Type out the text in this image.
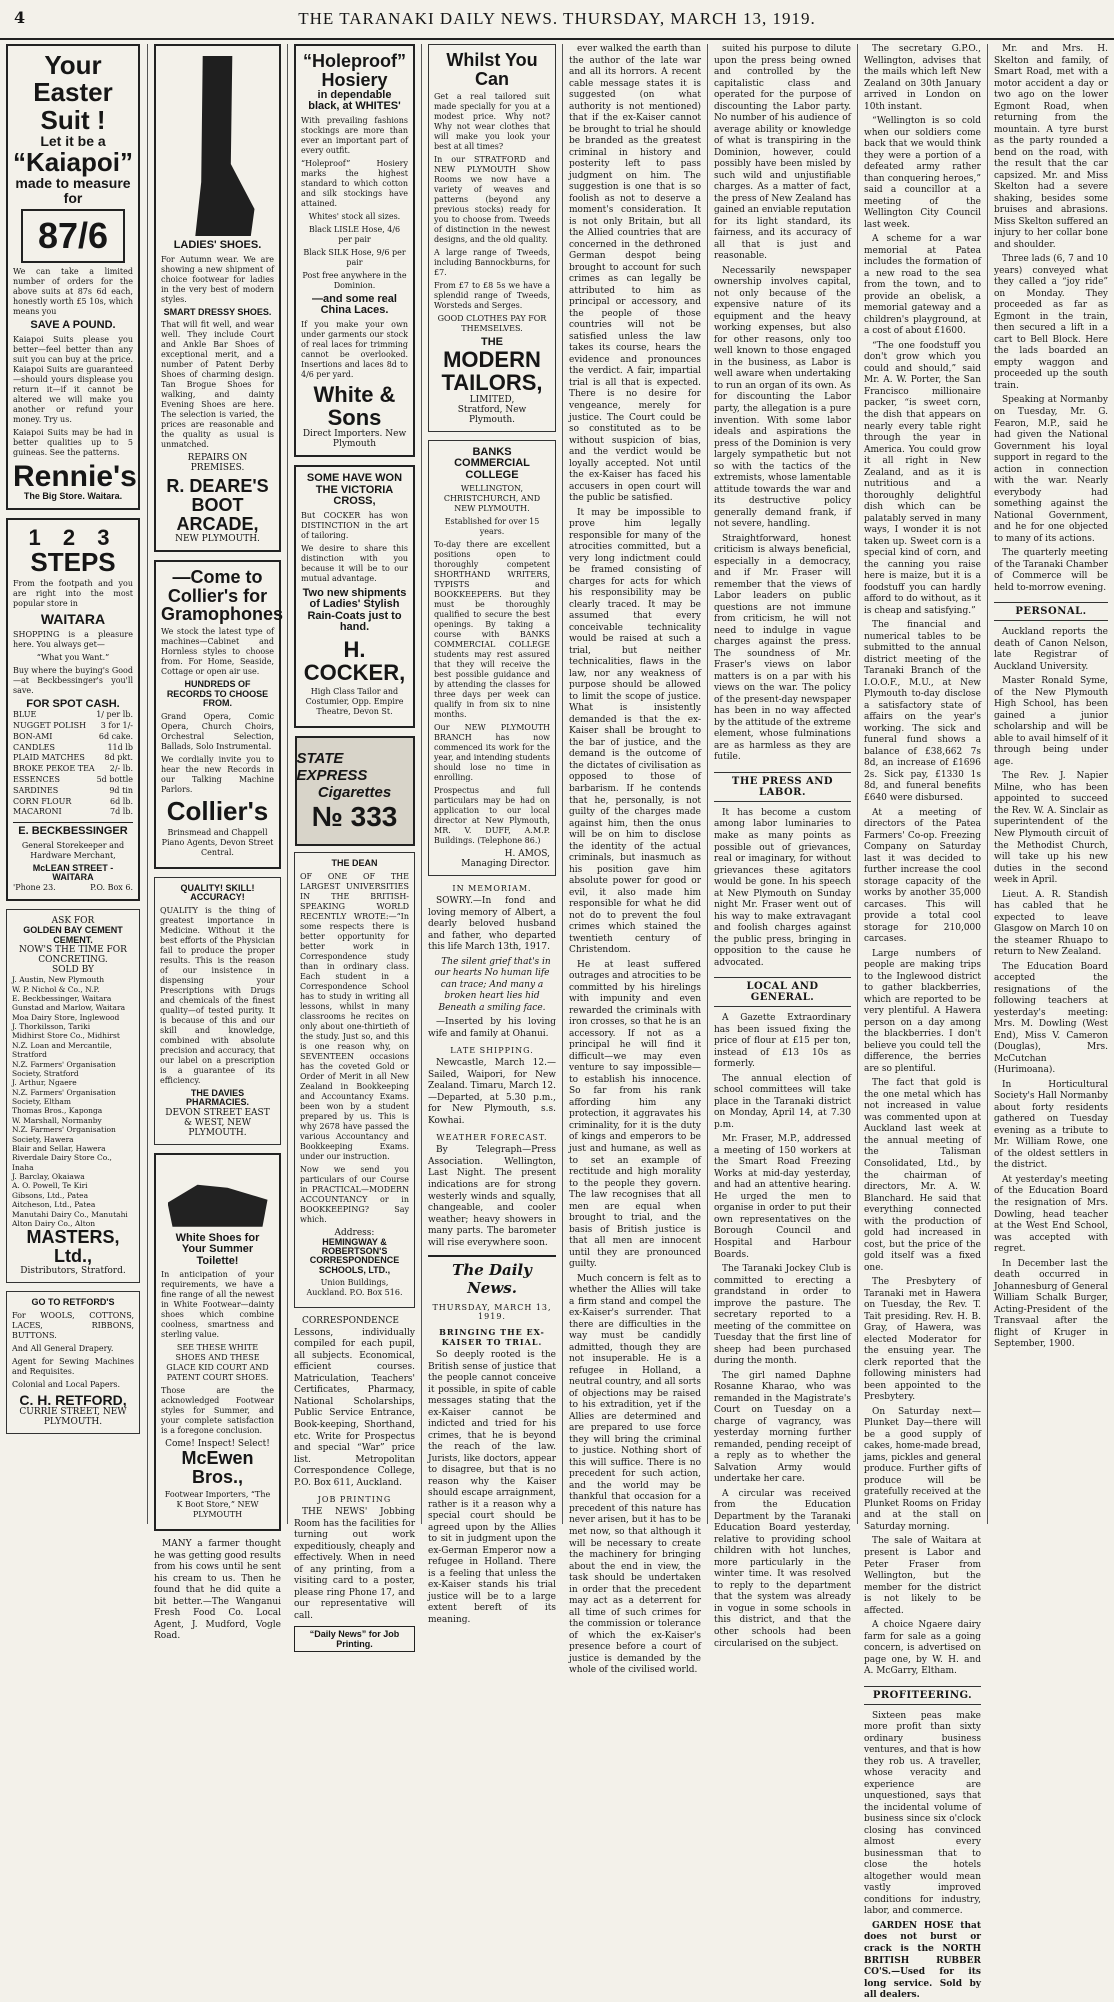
4	THE TARANAKI DAILY NEWS. THURSDAY, MARCH 13, 1919.
Your Easter Suit !
Let it be a
“Kaiapoi”
made to measure
for
87/6

We can take a limited number of orders for the above suits at 87s 6d each, honestly worth £5 10s, which means you

SAVE A POUND.

Kaiapoi Suits please you better—feel better than any suit you can buy at the price. Kaiapoi Suits are guaranteed—should yours displease you return it—if it cannot be altered we will make you another or refund your money. Try us.

Kaiapoi Suits may be had in better qualities up to 5 guineas. See the patterns.

Rennie's
The Big Store. Waitara.
1 2 3
STEPS

From the footpath and you are right into the most popular store in

WAITARA

SHOPPING is a pleasure here. You always get—

“What you Want.”

Buy where the buying's Good—at Beckbessinger's you'll save.

FOR SPOT CASH.
BLUE	1/ per lb.
NUGGET POLISH 3 for 1/-
BON-AMI	6d cake.
CANDLES	11d lb
PLAID MATCHES 8d pkt.
BROKE PEKOE TEA 2/- lb.
ESSENCES	5d bottle
SARDINES	9d tin
CORN FLOUR	6d lb.
MACARONI	7d lb.
E. BECKBESSINGER

General Storekeeper and Hardware Merchant,

McLEAN STREET - WAITARA
'Phone 23.	P.O. Box 6.
ASK FOR
GOLDEN BAY CEMENT
CEMENT.
NOW'S THE TIME FOR CONCRETING.
SOLD BY
J. Austin, New Plymouth
W. P. Nichol & Co., N.P.
E. Beckbessinger, Waitara
Gunstad and Marlow, Waitara
Moa Dairy Store, Inglewood
J. Thorkilsson, Tariki
Midhirst Store Co., Midhirst
N.Z. Loan and Mercantile, Stratford
N.Z. Farmers' Organisation Society, Stratford
J. Arthur, Ngaere
N.Z. Farmers' Organisation Society, Eltham
Thomas Bros., Kaponga
W. Marshall, Normanby
N.Z. Farmers' Organisation Society, Hawera
Blair and Sellar, Hawera
Riverdale Dairy Store Co., Inaha
J. Barclay, Okaiawa
A. O. Powell, Te Kiri
Gibsons, Ltd., Patea
Aitcheson, Ltd., Patea
Manutahi Dairy Co., Manutahi
Alton Dairy Co., Alton
MASTERS, Ltd.,
Distributors, Stratford.
GO TO RETFORD'S

For WOOLS, COTTONS, LACES, RIBBONS, BUTTONS.

And All General Drapery.

Agent for Sewing Machines and Requisites.

Colonial and Local Papers.

C. H. RETFORD,
CURRIE STREET, NEW PLYMOUTH.
LADIES' SHOES.

For Autumn wear. We are showing a new shipment of choice footwear for ladies in the very best of modern styles.

SMART DRESSY SHOES.

That will fit well, and wear well. They include Court and Ankle Bar Shoes of exceptional merit, and a number of Patent Derby Shoes of charming design. Tan Brogue Shoes for walking, and dainty Evening Shoes are here. The selection is varied, the prices are reasonable and the quality as usual is unmatched.

REPAIRS ON PREMISES.
R. DEARE'S BOOT ARCADE,
NEW PLYMOUTH.
—Come to
Collier's for
Gramophones

We stock the latest type of machines—Cabinet and Hornless styles to choose from. For Home, Seaside, Cottage or open air use.

HUNDREDS OF RECORDS TO CHOOSE FROM.

Grand Opera, Comic Opera, Church Choirs, Orchestral Selection, Ballads, Solo Instrumental.

We cordially invite you to hear the new Records in our Talking Machine Parlors.

Collier's

Brinsmead and Chappell Piano Agents, Devon Street Central.

QUALITY! SKILL! ACCURACY!

QUALITY is the thing of greatest importance in Medicine. Without it the best efforts of the Physician fail to produce the proper results. This is the reason of our insistence in dispensing your Prescriptions with Drugs and chemicals of the finest quality—of tested purity. It is because of this and our skill and knowledge, combined with absolute precision and accuracy, that our label on a prescription is a guarantee of its efficiency.

THE DAVIES PHARMACIES.
DEVON STREET EAST & WEST, NEW PLYMOUTH.
White Shoes for
Your Summer
Toilette!

In anticipation of your requirements, we have a fine range of all the newest in White Footwear—dainty shoes which combine coolness, smartness and sterling value.

SEE THESE WHITE SHOES AND THESE GLACE KID COURT AND PATENT COURT SHOES.

Those are the acknowledged Footwear styles for Summer, and your complete satisfaction is a foregone conclusion.

Come! Inspect! Select!
McEwen Bros.,

Footwear Importers, “The K Boot Store,” NEW PLYMOUTH

MANY a farmer thought he was getting good results from his cows until he sent his cream to us. Then he found that he did quite a bit better.—The Wanganui Fresh Food Co. Local Agent, J. Mudford, Vogle Road.

“Holeproof”
Hosiery
in dependable black, at WHITES'

With prevailing fashions stockings are more than ever an important part of every outfit.

“Holeproof” Hosiery marks the highest standard to which cotton and silk stockings have attained.

Whites' stock all sizes.

Black LISLE Hose, 4/6 per pair

Black SILK Hose, 9/6 per pair

Post free anywhere in the Dominion.

—and some real China Laces.

If you make your own under garments our stock of real laces for trimming cannot be overlooked. Insertions and laces 8d to 4/6 per yard.

White & Sons
Direct Importers. New Plymouth
SOME HAVE WON THE VICTORIA CROSS,

But COCKER has won DISTINCTION in the art of tailoring.

We desire to share this distinction with you because it will be to our mutual advantage.

Two new shipments of Ladies' Stylish Rain-Coats just to hand.
H. COCKER,

High Class Tailor and Costumier, Opp. Empire Theatre, Devon St.

STATE EXPRESS
Cigarettes
№ 333
THE DEAN

OF ONE OF THE LARGEST UNIVERSITIES IN THE BRITISH-SPEAKING WORLD RECENTLY WROTE:—“In some respects there is better opportunity for better work in Correspondence study than in ordinary class. Each student in a Correspondence School has to study in writing all lessons, whilst in many classrooms he recites on only about one-thirtieth of the study. Just so, and this is one reason why, on SEVENTEEN occasions has the coveted Gold or Order of Merit in all New Zealand in Bookkeeping and Accountancy Exams. been won by a student prepared by us. This is why 2678 have passed the various Accountancy and Bookkeeping Exams. under our instruction.

Now we send you particulars of our Course in PRACTICAL—MODERN ACCOUNTANCY or in BOOKKEEPING? Say which.

Address:
HEMINGWAY & ROBERTSON'S CORRESPONDENCE SCHOOLS, LTD.,

Union Buildings, Auckland. P.O. Box 516.

CORRESPONDENCE Lessons, individually compiled for each pupil, all subjects. Economical, efficient courses. Matriculation, Teachers' Certificates, Pharmacy, National Scholarships, Public Service Entrance, Book-keeping, Shorthand, etc. Write for Prospectus and special “War” price list. Metropolitan Correspondence College, P.O. Box 611, Auckland.

JOB PRINTING

THE NEWS' Jobbing Room has the facilities for turning out work expeditiously, cheaply and effectively. When in need of any printing, from a visiting card to a poster, please ring Phone 17, and our representative will call.

“Daily News” for Job Printing.
Whilst You Can

Get a real tailored suit made specially for you at a modest price. Why not? Why not wear clothes that will make you look your best at all times?

In our STRATFORD and NEW PLYMOUTH Show Rooms we now have a variety of weaves and patterns (beyond any previous stocks) ready for you to choose from. Tweeds of distinction in the newest designs, and the old quality.

A large range of Tweeds, including Bannockburns, for £7.

From £7 to £8 5s we have a splendid range of Tweeds, Worsteds and Serges.

GOOD CLOTHES PAY FOR THEMSELVES.

THE
MODERN TAILORS,
LIMITED,
Stratford, New Plymouth.
BANKS COMMERCIAL COLLEGE

WELLINGTON, CHRISTCHURCH, AND NEW PLYMOUTH.

Established for over 15 years.

To-day there are excellent positions open to thoroughly competent SHORTHAND WRITERS, TYPISTS and BOOKKEEPERS. But they must be thoroughly qualified to secure the best openings. By taking a course with BANKS COMMERCIAL COLLEGE students may rest assured that they will receive the best possible guidance and by attending the classes for three days per week can qualify in from six to nine months.

Our NEW PLYMOUTH BRANCH has now commenced its work for the year, and intending students should lose no time in enrolling.

Prospectus and full particulars may be had on application to our local director at New Plymouth, MR. V. DUFF, A.M.P. Buildings. (Telephone 86.)

H. AMOS,
Managing Director.
IN MEMORIAM.

SOWRY.—In fond and loving memory of Albert, a dearly beloved husband and father, who departed this life March 13th, 1917.

The silent grief that's in our hearts No human life can trace; And many a broken heart lies hid Beneath a smiling face.

—Inserted by his loving wife and family at Ohanui.

LATE SHIPPING.

Newcastle, March 12.—Sailed, Waipori, for New Zealand. Timaru, March 12.—Departed, at 5.30 p.m., for New Plymouth, s.s. Kowhai.

WEATHER FORECAST.

By Telegraph—Press Association. Wellington, Last Night. The present indications are for strong westerly winds and squally, changeable, and cooler weather; heavy showers in many parts. The barometer will rise everywhere soon.

The Daily News.
THURSDAY, MARCH 13, 1919.
BRINGING THE EX-KAISER TO TRIAL.

So deeply rooted is the British sense of justice that the people cannot conceive it possible, in spite of cable messages stating that the ex-Kaiser cannot be indicted and tried for his crimes, that he is beyond the reach of the law. Jurists, like doctors, appear to disagree, but that is no reason why the Kaiser should escape arraignment, rather is it a reason why a special court should be agreed upon by the Allies to sit in judgment upon the ex-German Emperor now a refugee in Holland. There is a feeling that unless the ex-Kaiser stands his trial justice will be to a large extent bereft of its meaning.

ever walked the earth than the author of the late war and all its horrors. A recent cable message states it is suggested (on what authority is not mentioned) that if the ex-Kaiser cannot be brought to trial he should be branded as the greatest criminal in history and posterity left to pass judgment on him. The suggestion is one that is so foolish as not to deserve a moment's consideration. It is not only Britain, but all the Allied countries that are concerned in the dethroned German despot being brought to account for such crimes as can legally be attributed to him as principal or accessory, and the people of those countries will not be satisfied unless the law takes its course, hears the evidence and pronounces the verdict. A fair, impartial trial is all that is expected. There is no desire for vengeance, merely for justice. The Court could be so constituted as to be without suspicion of bias, and the verdict would be loyally accepted. Not until the ex-Kaiser has faced his accusers in open court will the public be satisfied.

It may be impossible to prove him legally responsible for many of the atrocities committed, but a very long indictment could be framed consisting of charges for acts for which his responsibility may be clearly traced. It may be assumed that every conceivable technicality would be raised at such a trial, but neither technicalities, flaws in the law, nor any weakness of purpose should be allowed to limit the scope of justice. What is insistently demanded is that the ex-Kaiser shall be brought to the bar of justice, and the demand is the outcome of the dictates of civilisation as opposed to those of barbarism. If he contends that he, personally, is not guilty of the charges made against him, then the onus will be on him to disclose the identity of the actual criminals, but inasmuch as his position gave him absolute power for good or evil, it also made him responsible for what he did not do to prevent the foul crimes which stained the twentieth century of Christendom.

He at least suffered outrages and atrocities to be committed by his hirelings with impunity and even rewarded the criminals with iron crosses, so that he is an accessory. If not as a principal he will find it difficult—we may even venture to say impossible—to establish his innocence. So far from his rank affording him any protection, it aggravates his criminality, for it is the duty of kings and emperors to be just and humane, as well as to set an example of rectitude and high morality to the people they govern. The law recognises that all men are equal when brought to trial, and the basis of British justice is that all men are innocent until they are pronounced guilty.

Much concern is felt as to whether the Allies will take a firm stand and compel the ex-Kaiser's surrender. That there are difficulties in the way must be candidly admitted, though they are not insuperable. He is a refugee in Holland, a neutral country, and all sorts of objections may be raised to his extradition, yet if the Allies are determined and are prepared to use force they will bring the criminal to justice. Nothing short of this will suffice. There is no precedent for such action, and the world may be thankful that occasion for a precedent of this nature has never arisen, but it has to be met now, so that although it will be necessary to create the machinery for bringing about the end in view, the task should be undertaken in order that the precedent may act as a deterrent for all time of such crimes for the commission or tolerance of which the ex-Kaiser's presence before a court of justice is demanded by the whole of the civilised world.

suited his purpose to dilute upon the press being owned and controlled by the capitalistic class and operated for the purpose of discounting the Labor party. No number of his audience of average ability or knowledge of what is transpiring in the Dominion, however, could possibly have been misled by such wild and unjustifiable charges. As a matter of fact, the press of New Zealand has gained an enviable reputation for its light standard, its fairness, and its accuracy of all that is just and reasonable.

Necessarily newspaper ownership involves capital, not only because of the expensive nature of its equipment and the heavy working expenses, but also for other reasons, only too well known to those engaged in the business, as Labor is well aware when undertaking to run an organ of its own. As for discounting the Labor party, the allegation is a pure invention. With some labor ideals and aspirations the press of the Dominion is very largely sympathetic but not so with the tactics of the extremists, whose lamentable attitude towards the war and its destructive policy generally demand frank, if not severe, handling.

Straightforward, honest criticism is always beneficial, especially in a democracy, and if Mr. Fraser will remember that the views of Labor leaders on public questions are not immune from criticism, he will not need to indulge in vague charges against the press. The soundness of Mr. Fraser's views on labor matters is on a par with his views on the war. The policy of the present-day newspaper has been in no way affected by the attitude of the extreme element, whose fulminations are as harmless as they are futile.

THE PRESS AND LABOR.

It has become a custom among labor luminaries to make as many points as possible out of grievances, real or imaginary, for without grievances these agitators would be gone. In his speech at New Plymouth on Sunday night Mr. Fraser went out of his way to make extravagant and foolish charges against the public press, bringing in opposition to the cause he advocated.

LOCAL AND GENERAL.

A Gazette Extraordinary has been issued fixing the price of flour at £15 per ton, instead of £13 10s as formerly.

The annual election of school committees will take place in the Taranaki district on Monday, April 14, at 7.30 p.m.

Mr. Fraser, M.P., addressed a meeting of 150 workers at the Smart Road Freezing Works at mid-day yesterday, and had an attentive hearing. He urged the men to organise in order to put their own representatives on the Borough Council and Hospital and Harbour Boards.

The Taranaki Jockey Club is committed to erecting a grandstand in order to improve the pasture. The secretary reported to a meeting of the committee on Tuesday that the first line of sheep had been purchased during the month.

The girl named Daphne Rosanne Kharao, who was remanded in the Magistrate's Court on Tuesday on a charge of vagrancy, was yesterday morning further remanded, pending receipt of a reply as to whether the Salvation Army would undertake her care.

A circular was received from the Education Department by the Taranaki Education Board yesterday, relative to providing school children with hot lunches, more particularly in the winter time. It was resolved to reply to the department that the system was already in vogue in some schools in this district, and that the other schools had been circularised on the subject.

The secretary G.P.O., Wellington, advises that the mails which left New Zealand on 30th January arrived in London on 10th instant.

“Wellington is so cold when our soldiers come back that we would think they were a portion of a defeated army rather than conquering heroes,” said a councillor at a meeting of the Wellington City Council last week.

A scheme for a war memorial at Patea includes the formation of a new road to the sea from the town, and to provide an obelisk, a memorial gateway and a children's playground, at a cost of about £1600.

“The one foodstuff you don't grow which you could and should,” said Mr. A. W. Porter, the San Francisco millionaire packer, “is sweet corn, the dish that appears on nearly every table right through the year in America. You could grow it all right in New Zealand, and as it is nutritious and a thoroughly delightful dish which can be palatably served in many ways, I wonder it is not taken up. Sweet corn is a special kind of corn, and the canning you raise here is maize, but it is a foodstuff you can hardly afford to do without, as it is cheap and satisfying.”

The financial and numerical tables to be submitted to the annual district meeting of the Taranaki Branch of the I.O.O.F., M.U., at New Plymouth to-day disclose a satisfactory state of affairs on the year's working. The sick and funeral fund shows a balance of £38,662 7s 8d, an increase of £1696 2s. Sick pay, £1330 1s 8d, and funeral benefits £640 were disbursed.

At a meeting of directors of the Patea Farmers' Co-op. Freezing Company on Saturday last it was decided to further increase the cool storage capacity of the works by another 35,000 carcases. This will provide a total cool storage for 210,000 carcases.

Large numbers of people are making trips to the Inglewood district to gather blackberries, which are reported to be very plentiful. A Hawera person on a day among the blackberries. I don't believe you could tell the difference, the berries are so plentiful.

The fact that gold is the one metal which has not increased in value was commented upon at Auckland last week at the annual meeting of the Talisman Consolidated, Ltd., by the chairman of directors, Mr. A. W. Blanchard. He said that everything connected with the production of gold had increased in cost, but the price of the gold itself was a fixed one.

The Presbytery of Taranaki met in Hawera on Tuesday, the Rev. T. Tait presiding. Rev. H. B. Gray, of Hawera, was elected Moderator for the ensuing year. The clerk reported that the following ministers had been appointed to the Presbytery.

On Saturday next—Plunket Day—there will be a good supply of cakes, home-made bread, jams, pickles and general produce. Further gifts of produce will be gratefully received at the Plunket Rooms on Friday and at the stall on Saturday morning.

The sale of Waitara at present is Labor and Peter Fraser from Wellington, but the member for the district is not likely to be affected.

A choice Ngaere dairy farm for sale as a going concern, is advertised on page one, by W. H. and A. McGarry, Eltham.

PROFITEERING.

Sixteen peas make more profit than sixty ordinary business ventures, and that is how they rob us. A traveller, whose veracity and experience are unquestioned, says that the incidental volume of business since six o'clock closing has convinced almost every businessman that to close the hotels altogether would mean vastly improved conditions for industry, labor, and commerce.

GARDEN HOSE that does not burst or crack is the NORTH BRITISH RUBBER CO'S.—Used for its long service. Sold by all dealers.

Mr. and Mrs. H. Skelton and family, of Smart Road, met with a motor accident a day or two ago on the lower Egmont Road, when returning from the mountain. A tyre burst as the party rounded a bend on the road, with the result that the car capsized. Mr. and Miss Skelton had a severe shaking, besides some bruises and abrasions. Miss Skelton suffered an injury to her collar bone and shoulder.

Three lads (6, 7 and 10 years) conveyed what they called a “joy ride” on Monday. They proceeded as far as Egmont in the train, then secured a lift in a cart to Bell Block. Here the lads boarded an empty waggon and proceeded up the south train.

Speaking at Normanby on Tuesday, Mr. G. Fearon, M.P., said he had given the National Government his loyal support in regard to the action in connection with the war. Nearly everybody had something against the National Government, and he for one objected to many of its actions.

The quarterly meeting of the Taranaki Chamber of Commerce will be held to-morrow evening.

PERSONAL.

Auckland reports the death of Canon Nelson, late Registrar of Auckland University.

Master Ronald Syme, of the New Plymouth High School, has been gained a junior scholarship and will be able to avail himself of it through being under age.

The Rev. J. Napier Milne, who has been appointed to succeed the Rev. W. A. Sinclair as superintendent of the New Plymouth circuit of the Methodist Church, will take up his new duties in the second week in April.

Lieut. A. R. Standish has cabled that he expected to leave Glasgow on March 10 on the steamer Rhuapo to return to New Zealand.

The Education Board accepted the resignations of the following teachers at yesterday's meeting: Mrs. M. Dowling (West End), Miss V. Cameron (Douglas), Mrs. McCutchan (Hurimoana).

In Horticultural Society's Hall Normanby about forty residents gathered on Tuesday evening as a tribute to Mr. William Rowe, one of the oldest settlers in the district.

At yesterday's meeting of the Education Board the resignation of Mrs. Dowling, head teacher at the West End School, was accepted with regret.

In December last the death occurred in Johannesburg of General William Schalk Burger, Acting-President of the Transvaal after the flight of Kruger in September, 1900.
